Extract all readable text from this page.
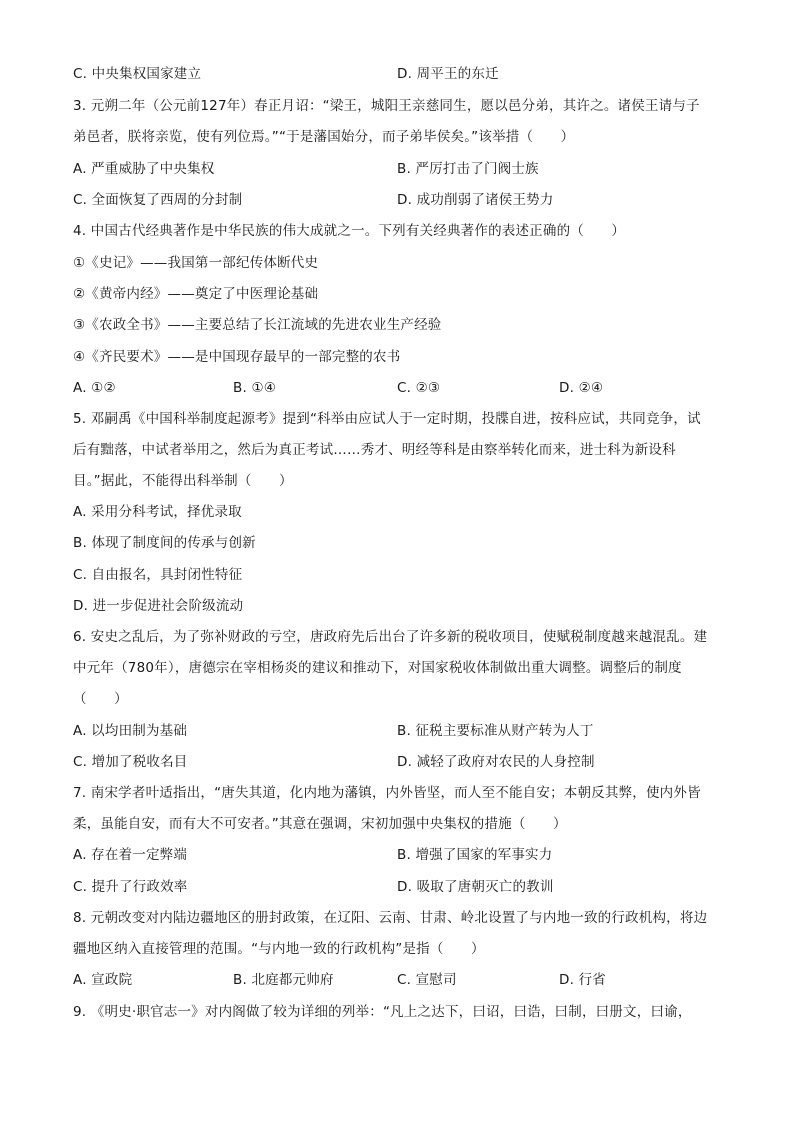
C. 中央集权国家建立	D. 周平王的东迁
3. 元朔二年（公元前127年）春正月诏：“梁王，城阳王亲慈同生，愿以邑分弟，其许之。诸侯王请与子
弟邑者，朕将亲览，使有列位焉。”“于是藩国始分，而子弟毕侯矣。”该举措（　　）
A. 严重威胁了中央集权	B. 严厉打击了门阀士族
C. 全面恢复了西周的分封制	D. 成功削弱了诸侯王势力
4. 中国古代经典著作是中华民族的伟大成就之一。下列有关经典著作的表述正确的（　　）
①《史记》——我国第一部纪传体断代史
②《黄帝内经》——奠定了中医理论基础
③《农政全书》——主要总结了长江流域的先进农业生产经验
④《齐民要术》——是中国现存最早的一部完整的农书
A. ①②	B. ①④	C. ②③	D. ②④
5. 邓嗣禹《中国科举制度起源考》提到“科举由应试人于一定时期，投牒自进，按科应试，共同竞争，试
后有黜落，中试者举用之，然后为真正考试……秀才、明经等科是由察举转化而来，进士科为新设科
目。”据此，不能得出科举制（　　）
A. 采用分科考试，择优录取
B. 体现了制度间的传承与创新
C. 自由报名，具封闭性特征
D. 进一步促进社会阶级流动
6. 安史之乱后，为了弥补财政的亏空，唐政府先后出台了许多新的税收项目，使赋税制度越来越混乱。建
中元年（780年），唐德宗在宰相杨炎的建议和推动下，对国家税收体制做出重大调整。调整后的制度
（　　）
A. 以均田制为基础	B. 征税主要标准从财产转为人丁
C. 增加了税收名目	D. 减轻了政府对农民的人身控制
7. 南宋学者叶适指出，“唐失其道，化内地为藩镇，内外皆坚，而人至不能自安；本朝反其弊，使内外皆
柔，虽能自安，而有大不可安者。”其意在强调，宋初加强中央集权的措施（　　）
A. 存在着一定弊端	B. 增强了国家的军事实力
C. 提升了行政效率	D. 吸取了唐朝灭亡的教训
8. 元朝改变对内陆边疆地区的册封政策，在辽阳、云南、甘肃、岭北设置了与内地一致的行政机构，将边
疆地区纳入直接管理的范围。“与内地一致的行政机构”是指（　　）
A. 宣政院	B. 北庭都元帅府	C. 宣慰司	D. 行省
9. 《明史·职官志一》对内阁做了较为详细的列举：“凡上之达下，曰诏，曰诰，曰制，曰册文，曰谕，
